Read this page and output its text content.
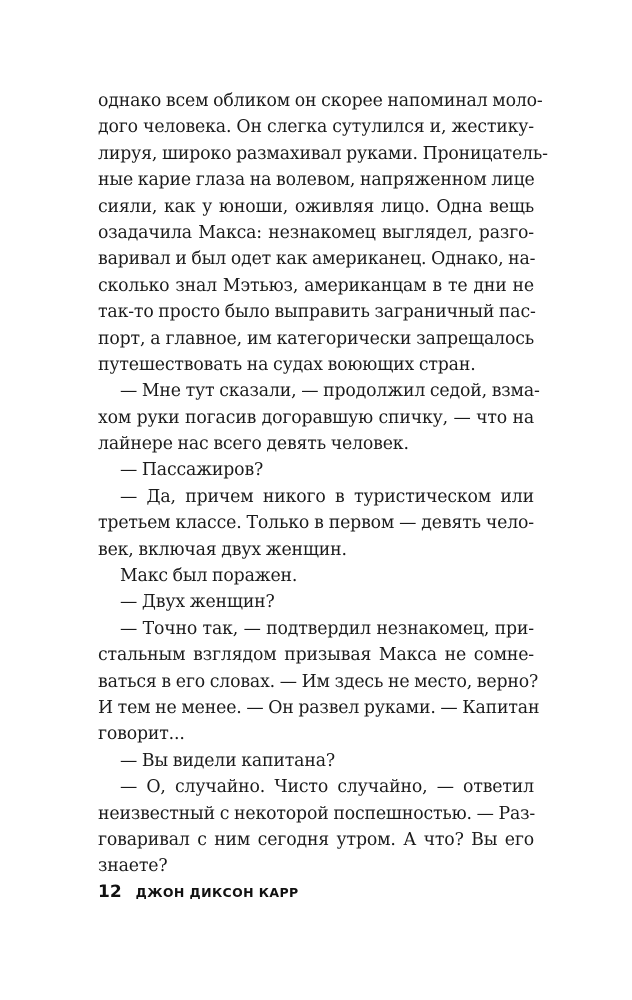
однако всем обликом он скорее напоминал моло-
дого человека. Он слегка сутулился и, жестику-
лируя, широко размахивал руками. Проницатель-
ные карие глаза на волевом, напряженном лице
сияли, как у юноши, оживляя лицо. Одна вещь
озадачила Макса: незнакомец выглядел, разго-
варивал и был одет как американец. Однако, на-
сколько знал Мэтьюз, американцам в те дни не
так-то просто было выправить заграничный пас-
порт, а главное, им категорически запрещалось
путешествовать на судах воюющих стран.
— Мне тут сказали, — продолжил седой, взма-
хом руки погасив догоравшую спичку, — что на
лайнере нас всего девять человек.
— Пассажиров?
— Да, причем никого в туристическом или
третьем классе. Только в первом — девять чело-
век, включая двух женщин.
Макс был поражен.
— Двух женщин?
— Точно так, — подтвердил незнакомец, при-
стальным взглядом призывая Макса не сомне-
ваться в его словах. — Им здесь не место, верно?
И тем не менее. — Он развел руками. — Капитан
говорит...
— Вы видели капитана?
— О, случайно. Чисто случайно, — ответил
неизвестный с некоторой поспешностью. — Раз-
говаривал с ним сегодня утром. А что? Вы его
знаете?
12 ДЖОН ДИКСОН КАРР
